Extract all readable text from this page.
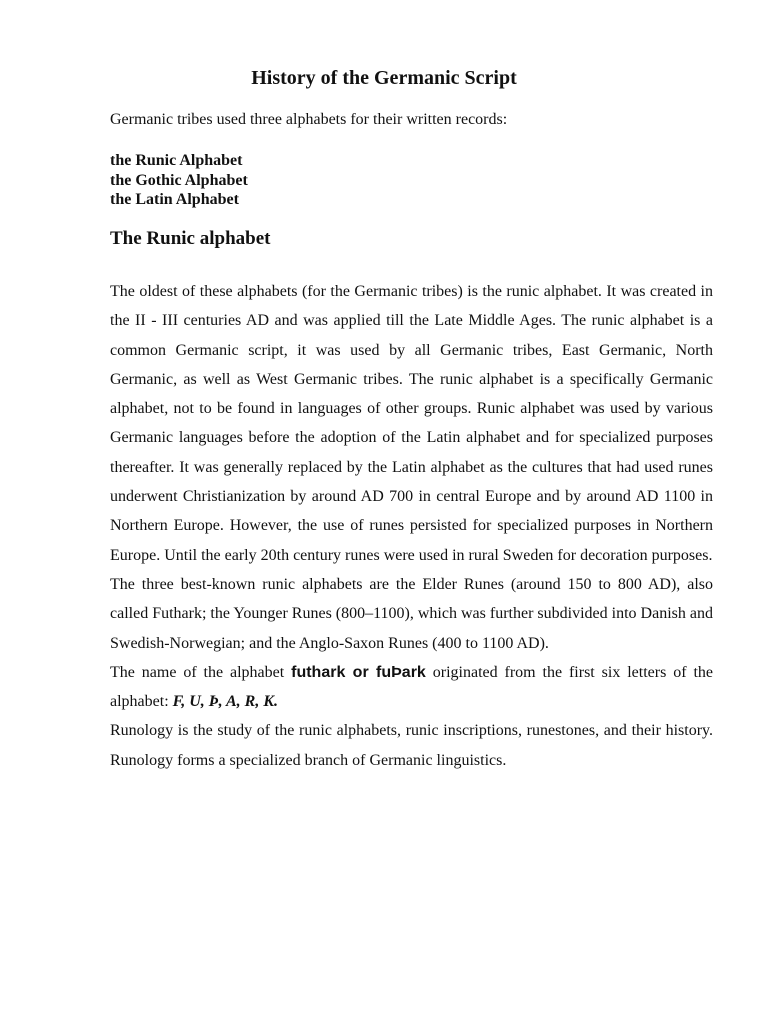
History of the Germanic Script

Germanic tribes used three alphabets for their written records:

the Runic Alphabet
the Gothic Alphabet
the Latin Alphabet
The Runic alphabet

The oldest of these alphabets (for the Germanic tribes) is the runic alphabet. It was created in the II - III centuries AD and was applied till the Late Middle Ages. The runic alphabet is a common Germanic script, it was used by all Germanic tribes, East Germanic, North Germanic, as well as West Germanic tribes. The runic alphabet is a specifically Germanic alphabet, not to be found in languages of other groups. Runic alphabet was used by various Germanic languages before the adoption of the Latin alphabet and for specialized purposes thereafter. It was generally replaced by the Latin alphabet as the cultures that had used runes underwent Christianization by around AD 700 in central Europe and by around AD 1100 in Northern Europe. However, the use of runes persisted for specialized purposes in Northern Europe. Until the early 20th century runes were used in rural Sweden for decoration purposes.

The three best-known runic alphabets are the Elder Runes (around 150 to 800 AD), also called Futhark; the Younger Runes (800–1100), which was further subdivided into Danish and Swedish-Norwegian; and the Anglo-Saxon Runes (400 to 1100 AD).

The name of the alphabet futhark or fuÞark originated from the first six letters of the alphabet: F, U, Þ, A, R, K.

Runology is the study of the runic alphabets, runic inscriptions, runestones, and their history. Runology forms a specialized branch of Germanic linguistics.
